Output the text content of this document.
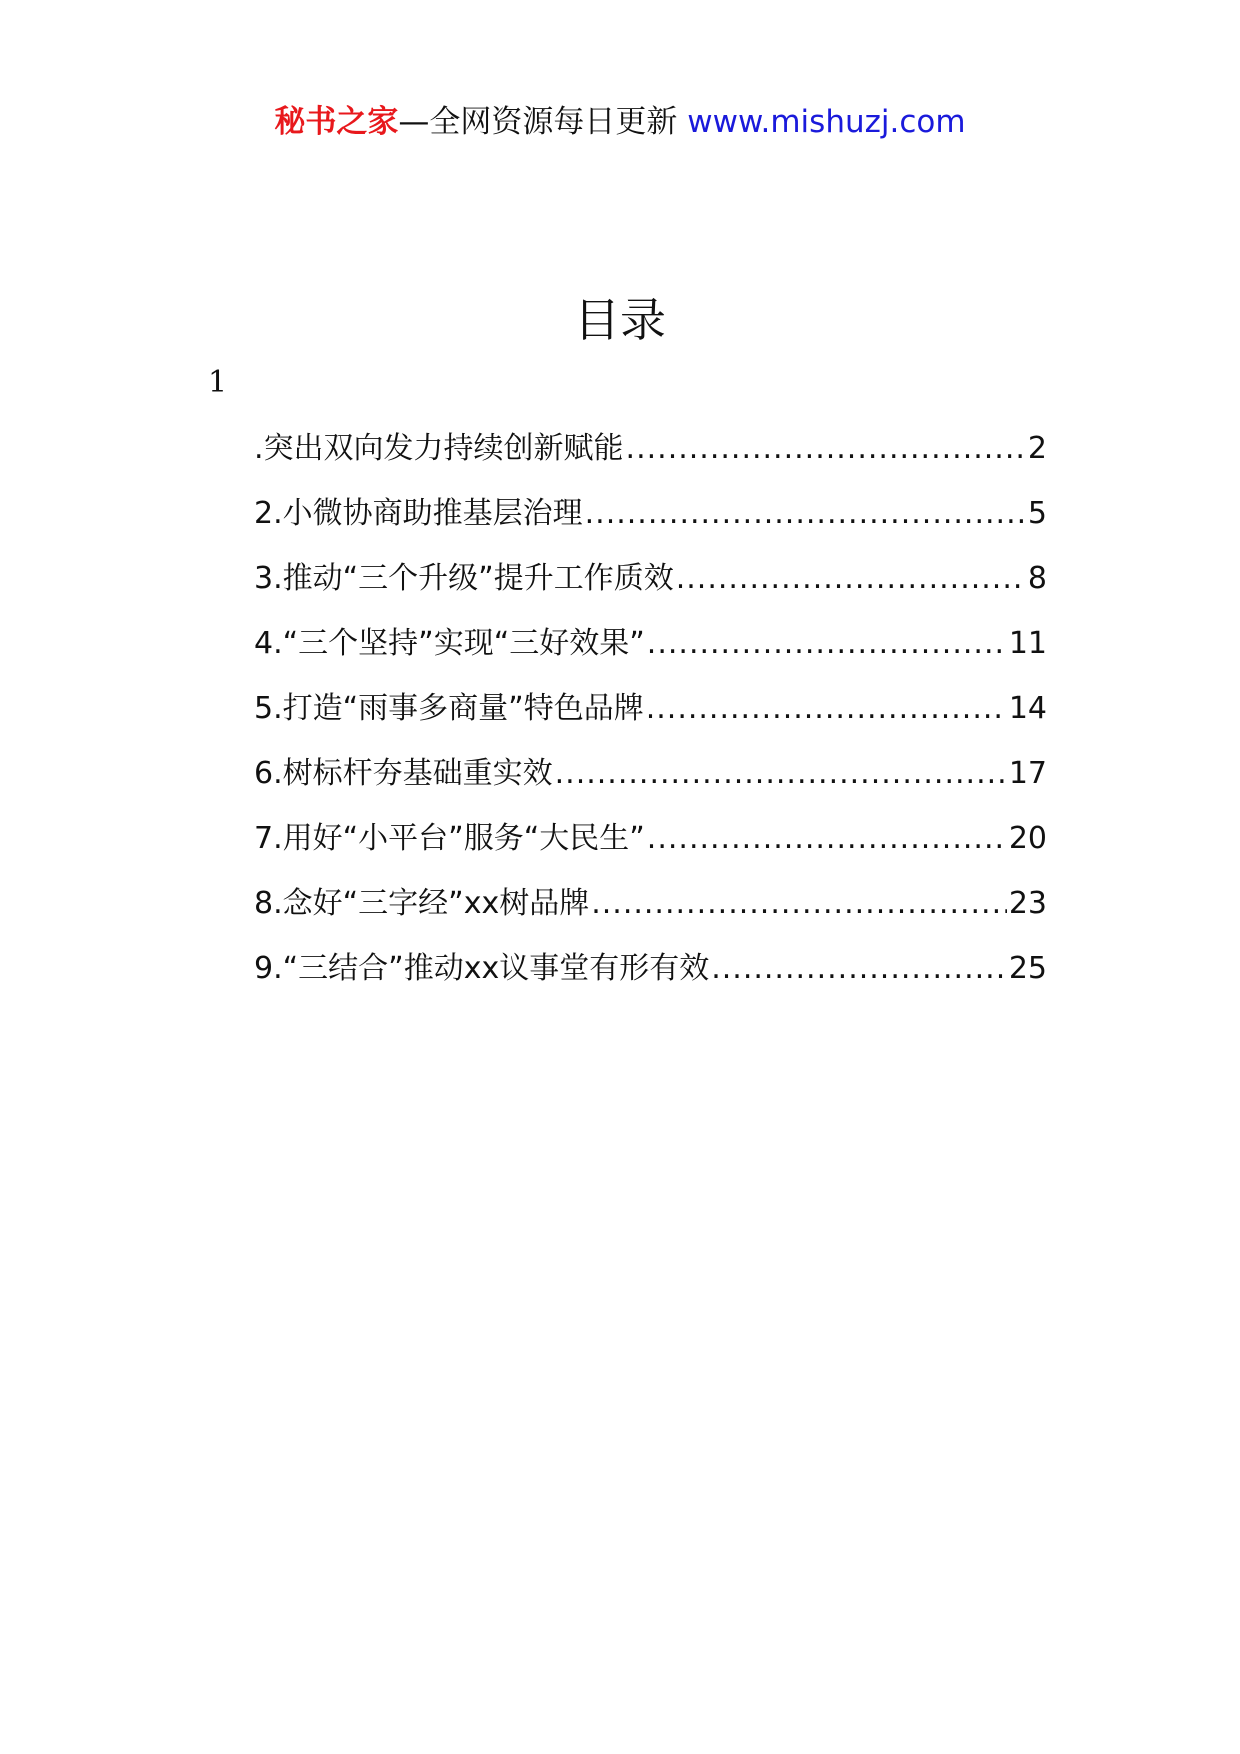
秘书之家—全网资源每日更新 www.mishuzj.com
目录
1
.突出双向发力持续创新赋能 .....	2
2.小微协商助推基层治理 .....	5
3.推动“三个升级”提升工作质效 .....	8
4.“三个坚持”实现“三好效果” .....	11
5.打造“雨事多商量”特色品牌 .....	14
6.树标杆夯基础重实效 .....	17
7.用好“小平台”服务“大民生” .....	20
8.念好“三字经”xx树品牌 .....	23
9.“三结合”推动xx议事堂有形有效 .....	25
